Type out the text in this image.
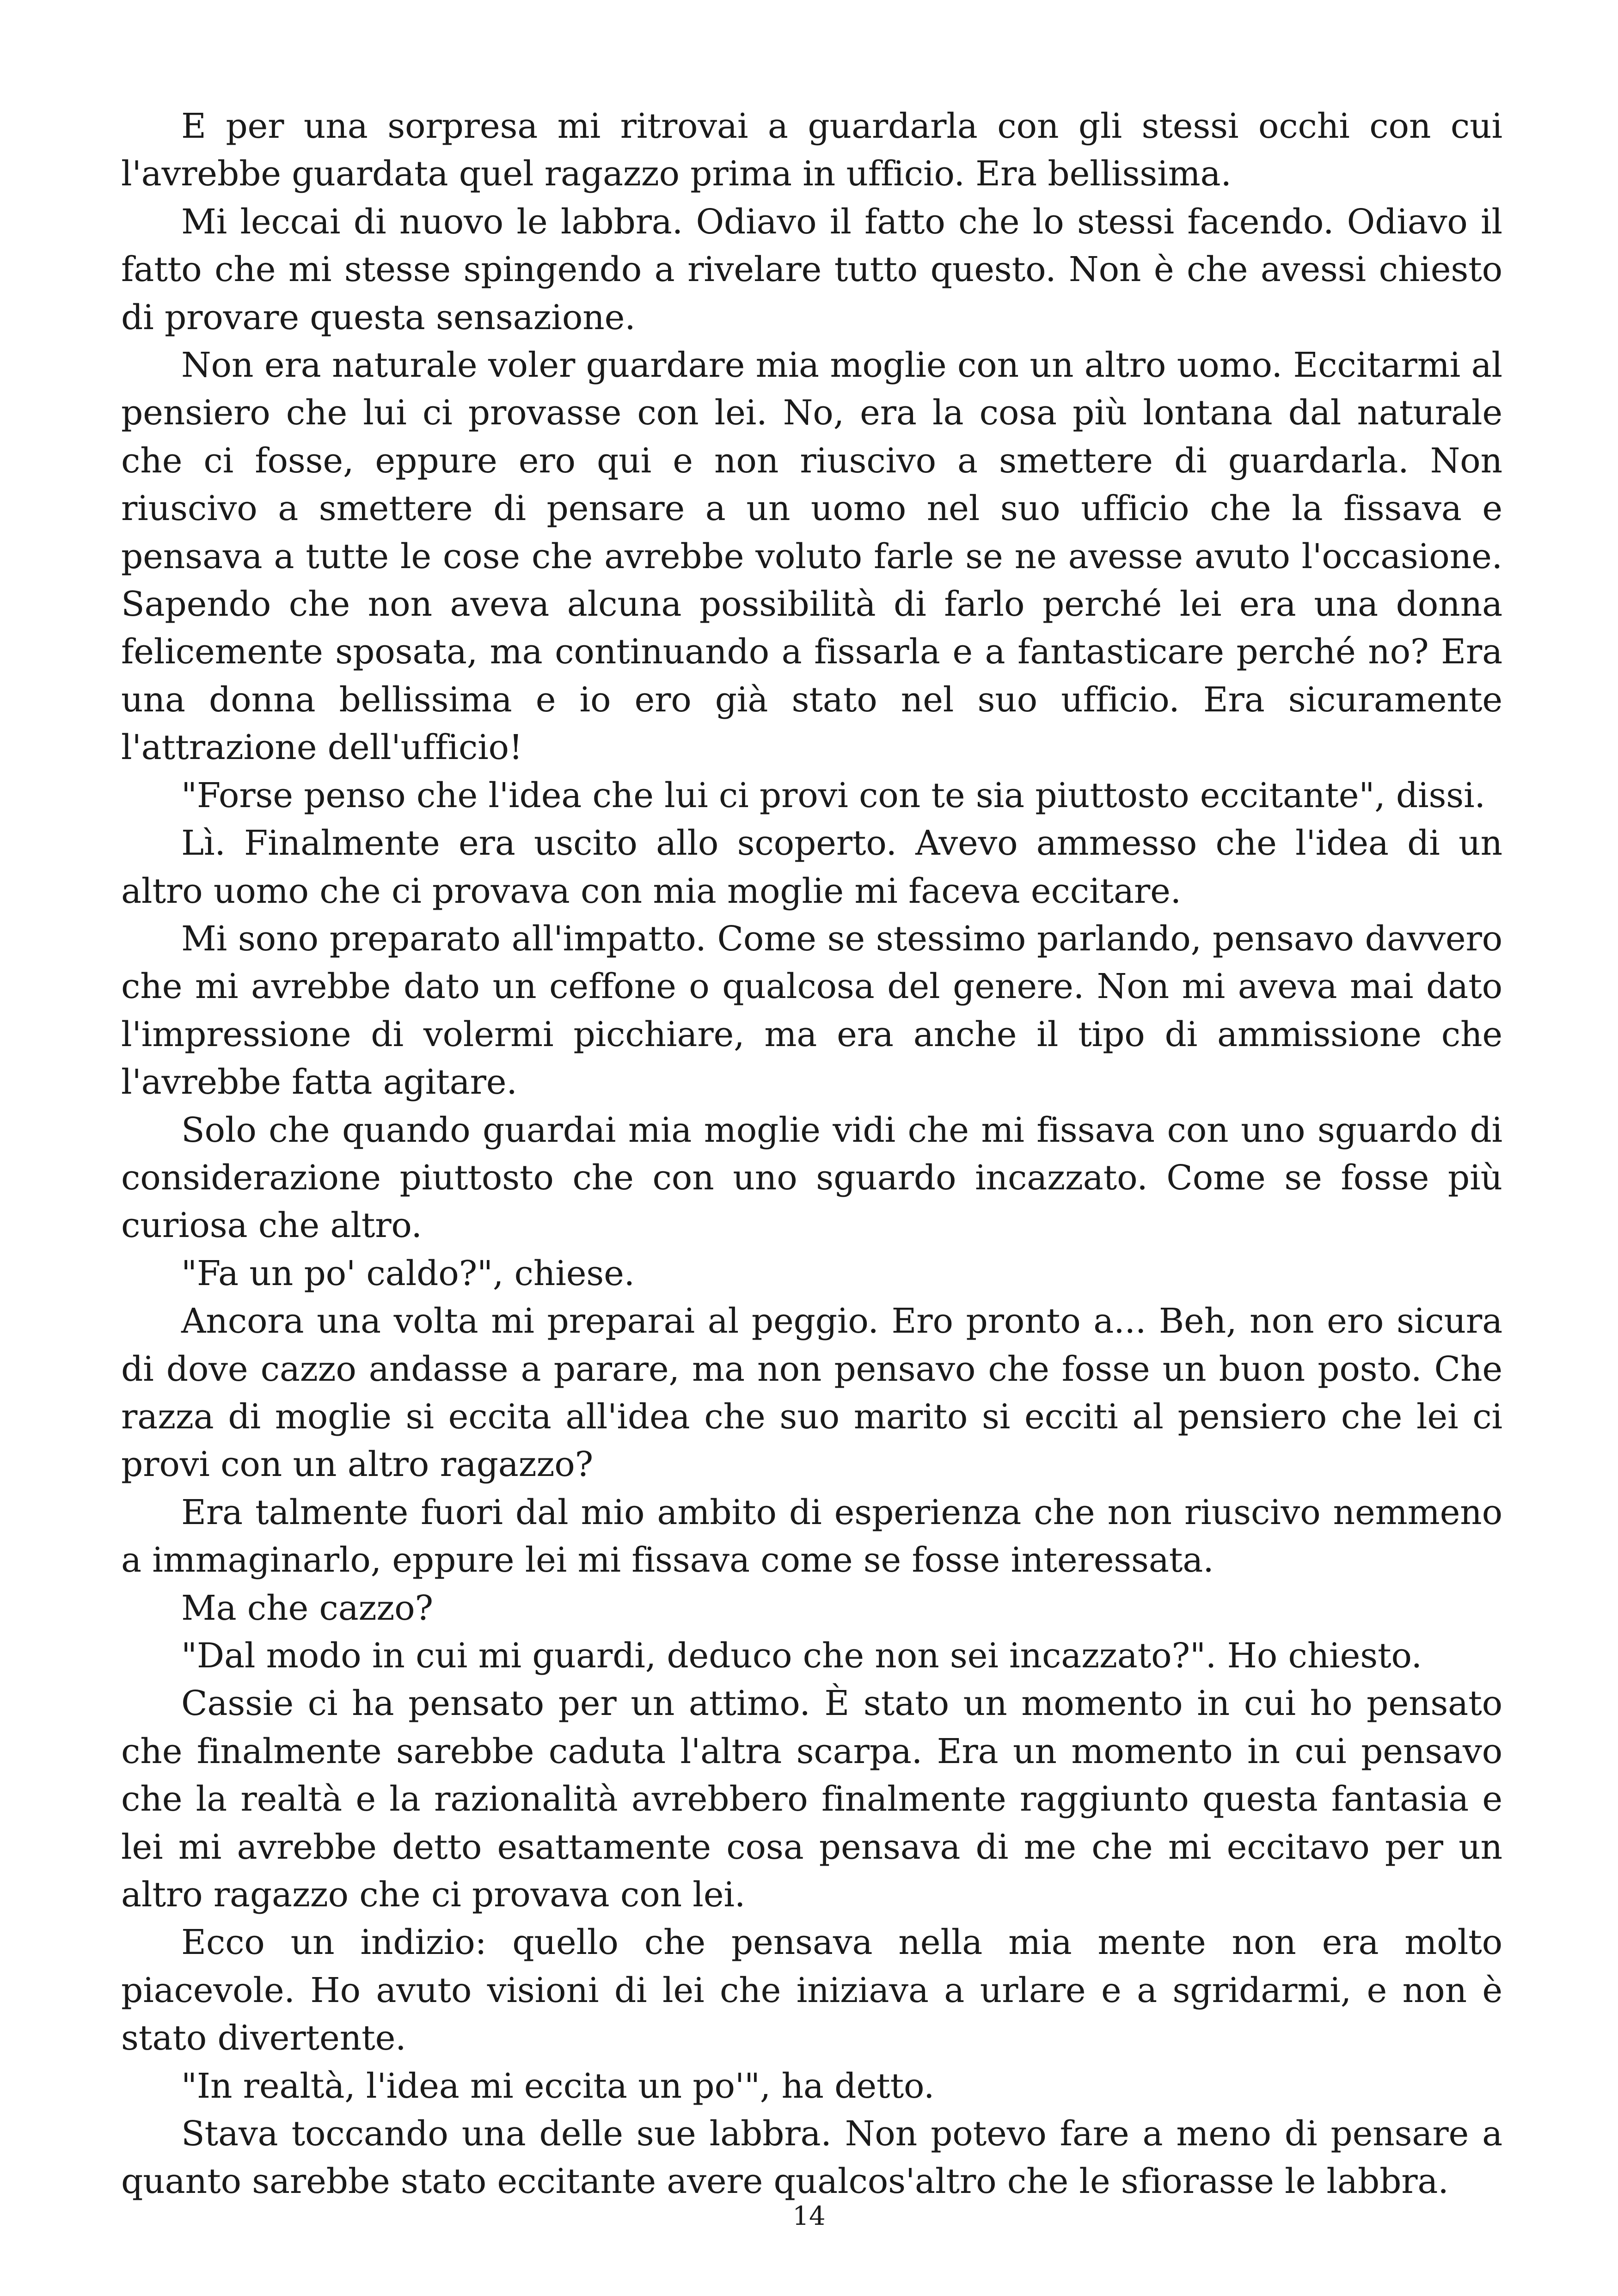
E per una sorpresa mi ritrovai a guardarla con gli stessi occhi con cui l'avrebbe guardata quel ragazzo prima in ufficio. Era bellissima.

Mi leccai di nuovo le labbra. Odiavo il fatto che lo stessi facendo. Odiavo il fatto che mi stesse spingendo a rivelare tutto questo. Non è che avessi chiesto di provare questa sensazione.

Non era naturale voler guardare mia moglie con un altro uomo. Eccitarmi al pensiero che lui ci provasse con lei. No, era la cosa più lontana dal naturale che ci fosse, eppure ero qui e non riuscivo a smettere di guardarla. Non riuscivo a smettere di pensare a un uomo nel suo ufficio che la fissava e pensava a tutte le cose che avrebbe voluto farle se ne avesse avuto l'occasione. Sapendo che non aveva alcuna possibilità di farlo perché lei era una donna felicemente sposata, ma continuando a fissarla e a fantasticare perché no? Era una donna bellissima e io ero già stato nel suo ufficio. Era sicuramente l'attrazione dell'ufficio!

"Forse penso che l'idea che lui ci provi con te sia piuttosto eccitante", dissi.

Lì. Finalmente era uscito allo scoperto. Avevo ammesso che l'idea di un altro uomo che ci provava con mia moglie mi faceva eccitare.

Mi sono preparato all'impatto. Come se stessimo parlando, pensavo davvero che mi avrebbe dato un ceffone o qualcosa del genere. Non mi aveva mai dato l'impressione di volermi picchiare, ma era anche il tipo di ammissione che l'avrebbe fatta agitare.

Solo che quando guardai mia moglie vidi che mi fissava con uno sguardo di considerazione piuttosto che con uno sguardo incazzato. Come se fosse più curiosa che altro.

"Fa un po' caldo?", chiese.

Ancora una volta mi preparai al peggio. Ero pronto a... Beh, non ero sicura di dove cazzo andasse a parare, ma non pensavo che fosse un buon posto. Che razza di moglie si eccita all'idea che suo marito si ecciti al pensiero che lei ci provi con un altro ragazzo?

Era talmente fuori dal mio ambito di esperienza che non riuscivo nemmeno a immaginarlo, eppure lei mi fissava come se fosse interessata.

Ma che cazzo?

"Dal modo in cui mi guardi, deduco che non sei incazzato?". Ho chiesto.

Cassie ci ha pensato per un attimo. È stato un momento in cui ho pensato che finalmente sarebbe caduta l'altra scarpa. Era un momento in cui pensavo che la realtà e la razionalità avrebbero finalmente raggiunto questa fantasia e lei mi avrebbe detto esattamente cosa pensava di me che mi eccitavo per un altro ragazzo che ci provava con lei.

Ecco un indizio: quello che pensava nella mia mente non era molto piacevole. Ho avuto visioni di lei che iniziava a urlare e a sgridarmi, e non è stato divertente.

"In realtà, l'idea mi eccita un po'", ha detto.

Stava toccando una delle sue labbra. Non potevo fare a meno di pensare a quanto sarebbe stato eccitante avere qualcos'altro che le sfiorasse le labbra.

14
